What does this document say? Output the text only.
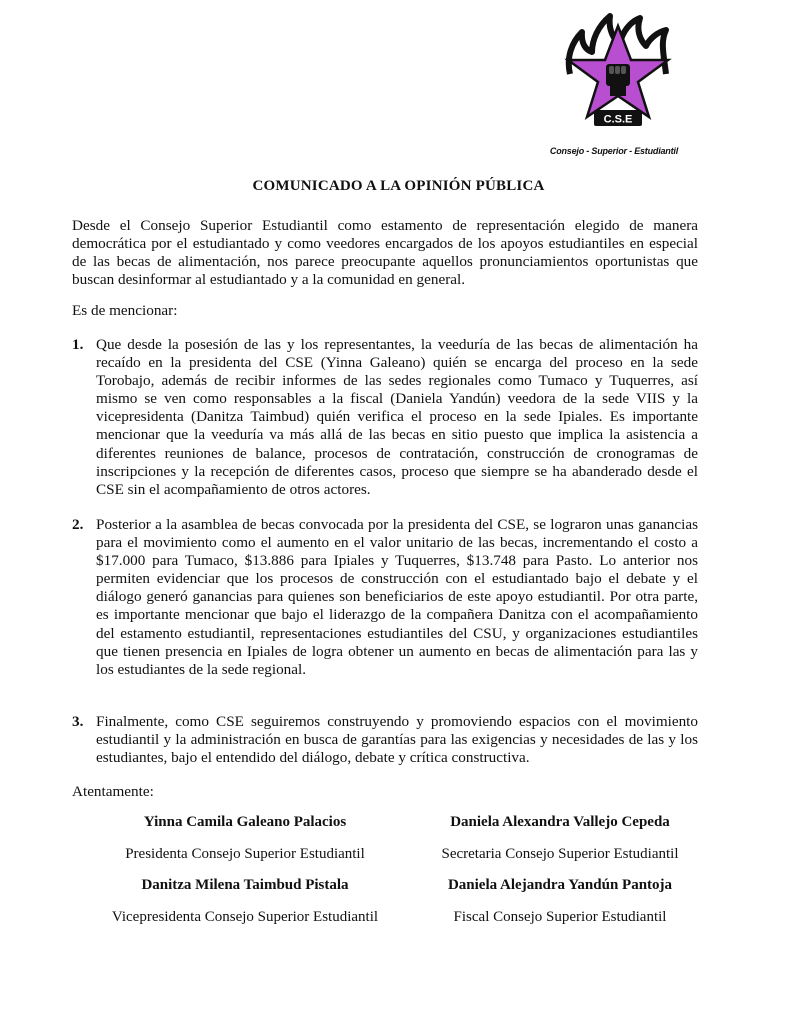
C.S.E
Consejo - Superior - Estudiantil
COMUNICADO A LA OPINIÓN PÚBLICA
Desde el Consejo Superior Estudiantil como estamento de representación elegido de manera democrática por el estudiantado y como veedores encargados de los apoyos estudiantiles en especial de las becas de alimentación, nos parece preocupante aquellos pronunciamientos oportunistas que buscan desinformar al estudiantado y a la comunidad en general.
Es de mencionar:
1. Que desde la posesión de las y los representantes, la veeduría de las becas de alimentación ha recaído en la presidenta del CSE (Yinna Galeano) quién se encarga del proceso en la sede Torobajo, además de recibir informes de las sedes regionales como Tumaco y Tuquerres, así mismo se ven como responsables a la fiscal (Daniela Yandún) veedora de la sede VIIS y la vicepresidenta (Danitza Taimbud) quién verifica el proceso en la sede Ipiales. Es importante mencionar que la veeduría va más allá de las becas en sitio puesto que implica la asistencia a diferentes reuniones de balance, procesos de contratación, construcción de cronogramas de inscripciones y la recepción de diferentes casos, proceso que siempre se ha abanderado desde el CSE sin el acompañamiento de otros actores.
2. Posterior a la asamblea de becas convocada por la presidenta del CSE, se lograron unas ganancias para el movimiento como el aumento en el valor unitario de las becas, incrementando el costo a $17.000 para Tumaco, $13.886 para Ipiales y Tuquerres, $13.748 para Pasto. Lo anterior nos permiten evidenciar que los procesos de construcción con el estudiantado bajo el debate y el diálogo generó ganancias para quienes son beneficiarios de este apoyo estudiantil. Por otra parte, es importante mencionar que bajo el liderazgo de la compañera Danitza con el acompañamiento del estamento estudiantil, representaciones estudiantiles del CSU, y organizaciones estudiantiles que tienen presencia en Ipiales de logra obtener un aumento en becas de alimentación para las y los estudiantes de la sede regional.
3. Finalmente, como CSE seguiremos construyendo y promoviendo espacios con el movimiento estudiantil y la administración en busca de garantías para las exigencias y necesidades de las y los estudiantes, bajo el entendido del diálogo, debate y crítica constructiva.
Atentamente:
Yinna Camila Galeano Palacios
Presidenta Consejo Superior Estudiantil
Daniela Alexandra Vallejo Cepeda
Secretaria Consejo Superior Estudiantil
Danitza Milena Taimbud Pistala
Vicepresidenta Consejo Superior Estudiantil
Daniela Alejandra Yandún Pantoja
Fiscal Consejo Superior Estudiantil
